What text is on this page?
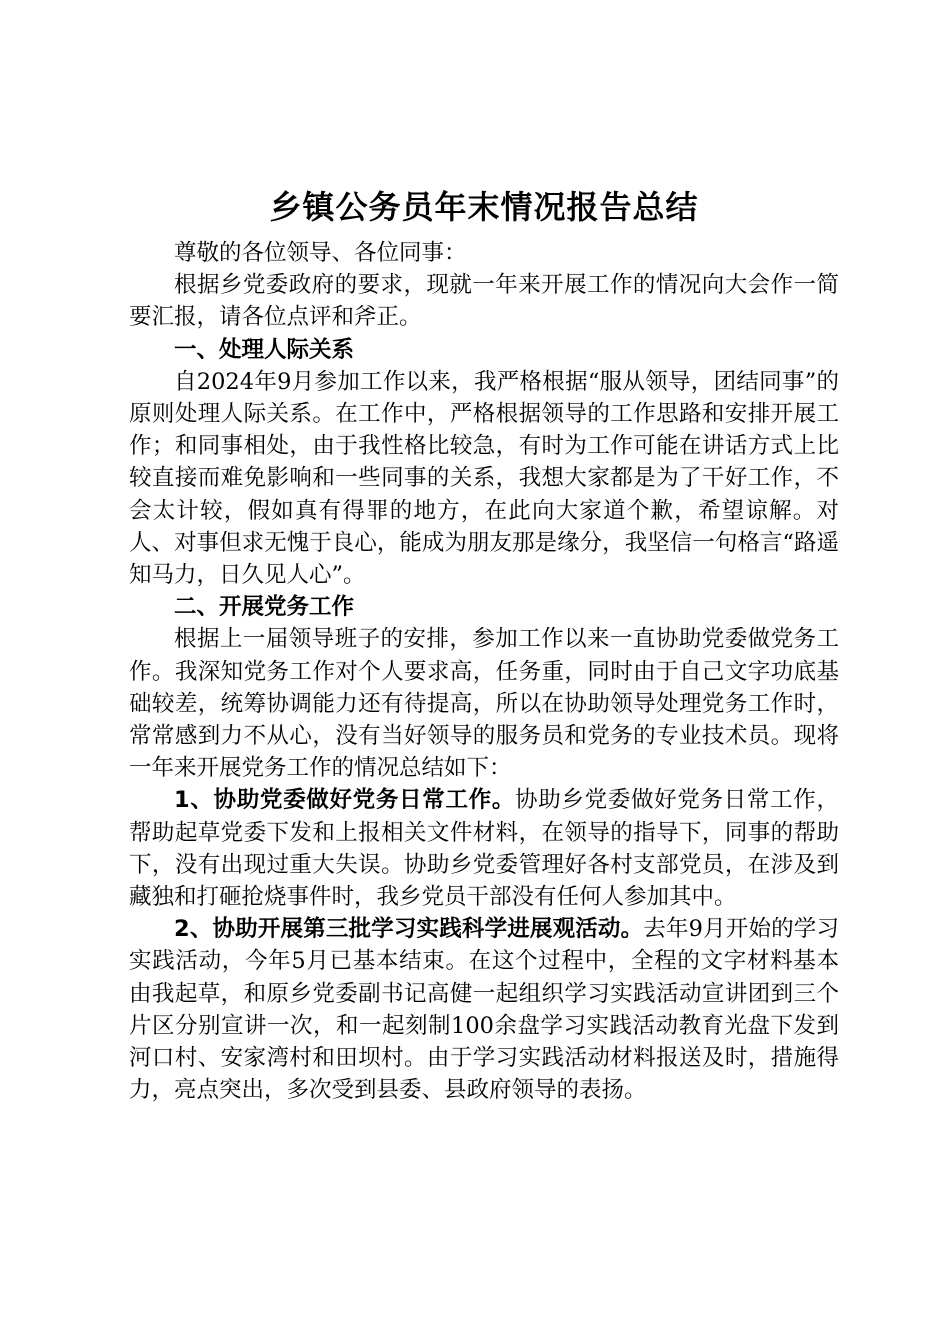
乡镇公务员年末情况报告总结

尊敬的各位领导、各位同事：

根据乡党委政府的要求，现就一年来开展工作的情况向大会作一简要汇报，请各位点评和斧正。

一、处理人际关系

自2024年9月参加工作以来，我严格根据“服从领导，团结同事”的原则处理人际关系。在工作中，严格根据领导的工作思路和安排开展工作；和同事相处，由于我性格比较急，有时为工作可能在讲话方式上比较直接而难免影响和一些同事的关系，我想大家都是为了干好工作，不会太计较，假如真有得罪的地方，在此向大家道个歉，希望谅解。对人、对事但求无愧于良心，能成为朋友那是缘分，我坚信一句格言“路遥知马力，日久见人心”。

二、开展党务工作

根据上一届领导班子的安排，参加工作以来一直协助党委做党务工作。我深知党务工作对个人要求高，任务重，同时由于自己文字功底基础较差，统筹协调能力还有待提高，所以在协助领导处理党务工作时，常常感到力不从心，没有当好领导的服务员和党务的专业技术员。现将一年来开展党务工作的情况总结如下：

1、协助党委做好党务日常工作。协助乡党委做好党务日常工作，帮助起草党委下发和上报相关文件材料，在领导的指导下，同事的帮助下，没有出现过重大失误。协助乡党委管理好各村支部党员，在涉及到藏独和打砸抢烧事件时，我乡党员干部没有任何人参加其中。

2、协助开展第三批学习实践科学进展观活动。去年9月开始的学习实践活动，今年5月已基本结束。在这个过程中，全程的文字材料基本由我起草，和原乡党委副书记高健一起组织学习实践活动宣讲团到三个片区分别宣讲一次，和一起刻制100余盘学习实践活动教育光盘下发到河口村、安家湾村和田坝村。由于学习实践活动材料报送及时，措施得力，亮点突出，多次受到县委、县政府领导的表扬。
